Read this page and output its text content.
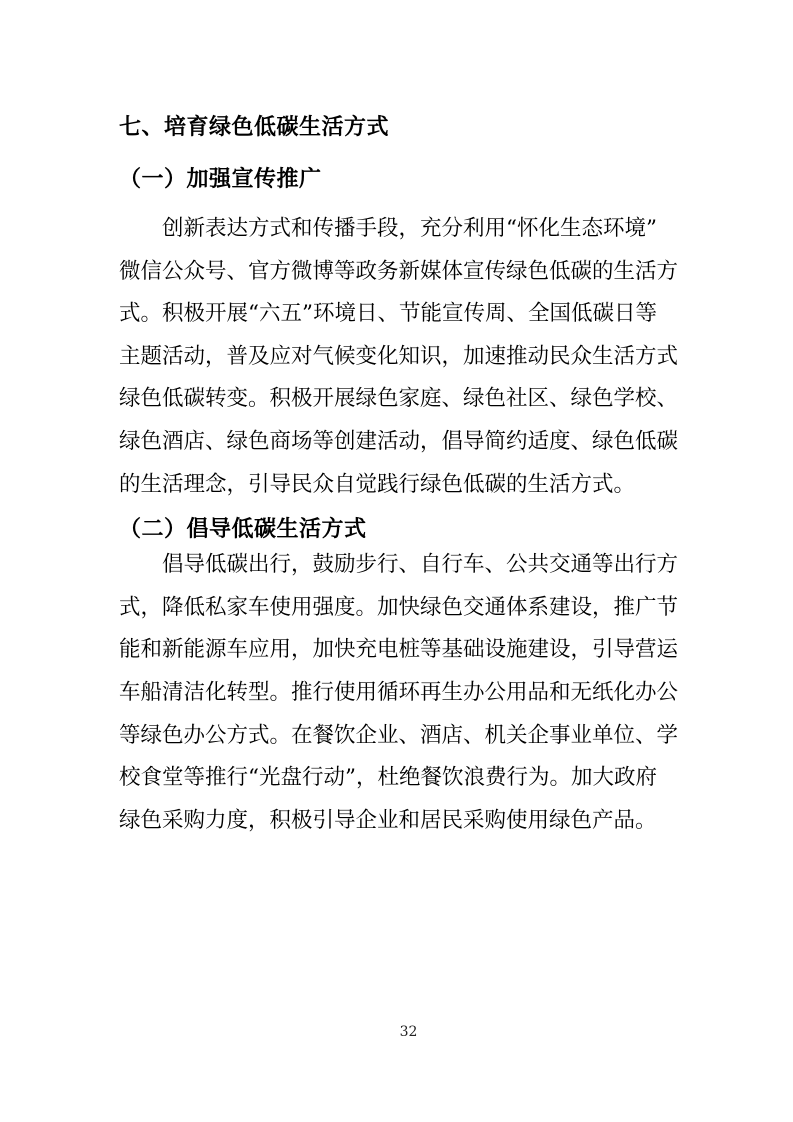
七、培育绿色低碳生活方式
（一）加强宣传推广

创新表达方式和传播手段，充分利用“怀化生态环境”
微信公众号、官方微博等政务新媒体宣传绿色低碳的生活方
式。积极开展“六五”环境日、节能宣传周、全国低碳日等
主题活动，普及应对气候变化知识，加速推动民众生活方式
绿色低碳转变。积极开展绿色家庭、绿色社区、绿色学校、
绿色酒店、绿色商场等创建活动，倡导简约适度、绿色低碳
的生活理念，引导民众自觉践行绿色低碳的生活方式。

（二）倡导低碳生活方式

倡导低碳出行，鼓励步行、自行车、公共交通等出行方
式，降低私家车使用强度。加快绿色交通体系建设，推广节
能和新能源车应用，加快充电桩等基础设施建设，引导营运
车船清洁化转型。推行使用循环再生办公用品和无纸化办公
等绿色办公方式。在餐饮企业、酒店、机关企事业单位、学
校食堂等推行“光盘行动”，杜绝餐饮浪费行为。加大政府
绿色采购力度，积极引导企业和居民采购使用绿色产品。

32
